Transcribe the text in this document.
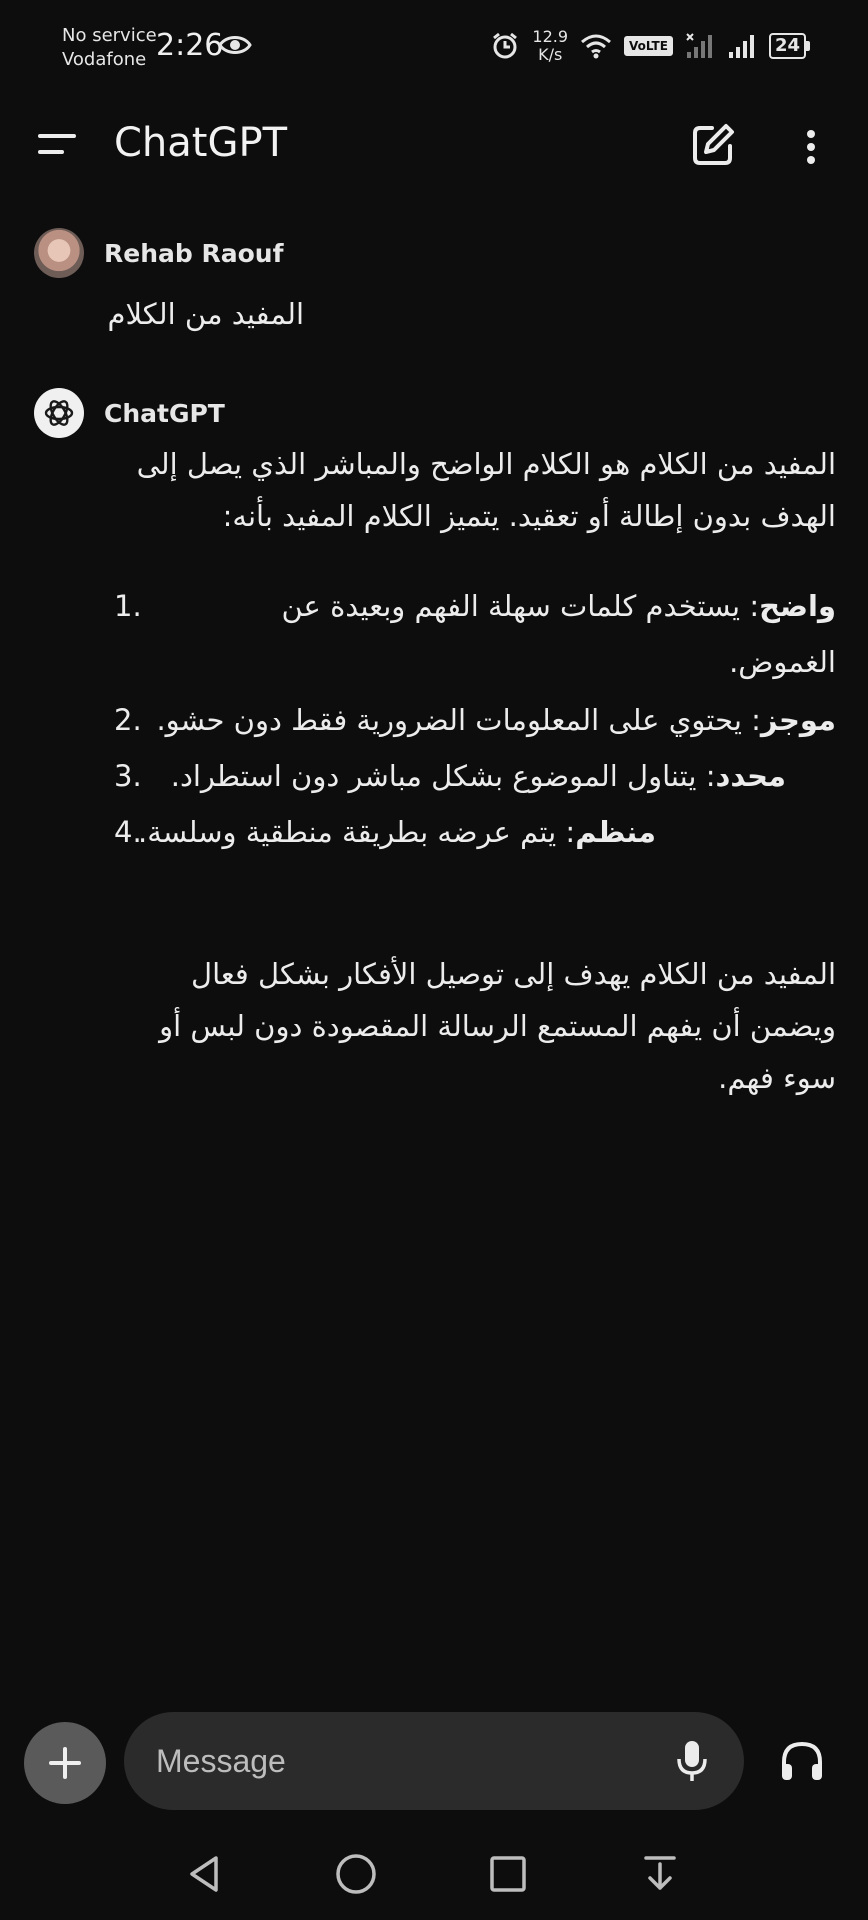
No service
Vodafone 2:26	12.9
K/s	VoLTE	24
ChatGPT
Rehab Raouf
المفيد من الكلام
ChatGPT
المفيد من الكلام هو الكلام الواضح والمباشر الذي يصل إلى الهدف بدون إطالة أو تعقيد. يتميز الكلام المفيد بأنه:
واضح: يستخدم كلمات سهلة الفهم وبعيدة عن الغموض.
1.
موجز: يحتوي على المعلومات الضرورية فقط دون حشو.
2.
محدد: يتناول الموضوع بشكل مباشر دون استطراد.
3.
منظم: يتم عرضه بطريقة منطقية وسلسة.
4.
المفيد من الكلام يهدف إلى توصيل الأفكار بشكل فعال ويضمن أن يفهم المستمع الرسالة المقصودة دون لبس أو سوء فهم.
Message
